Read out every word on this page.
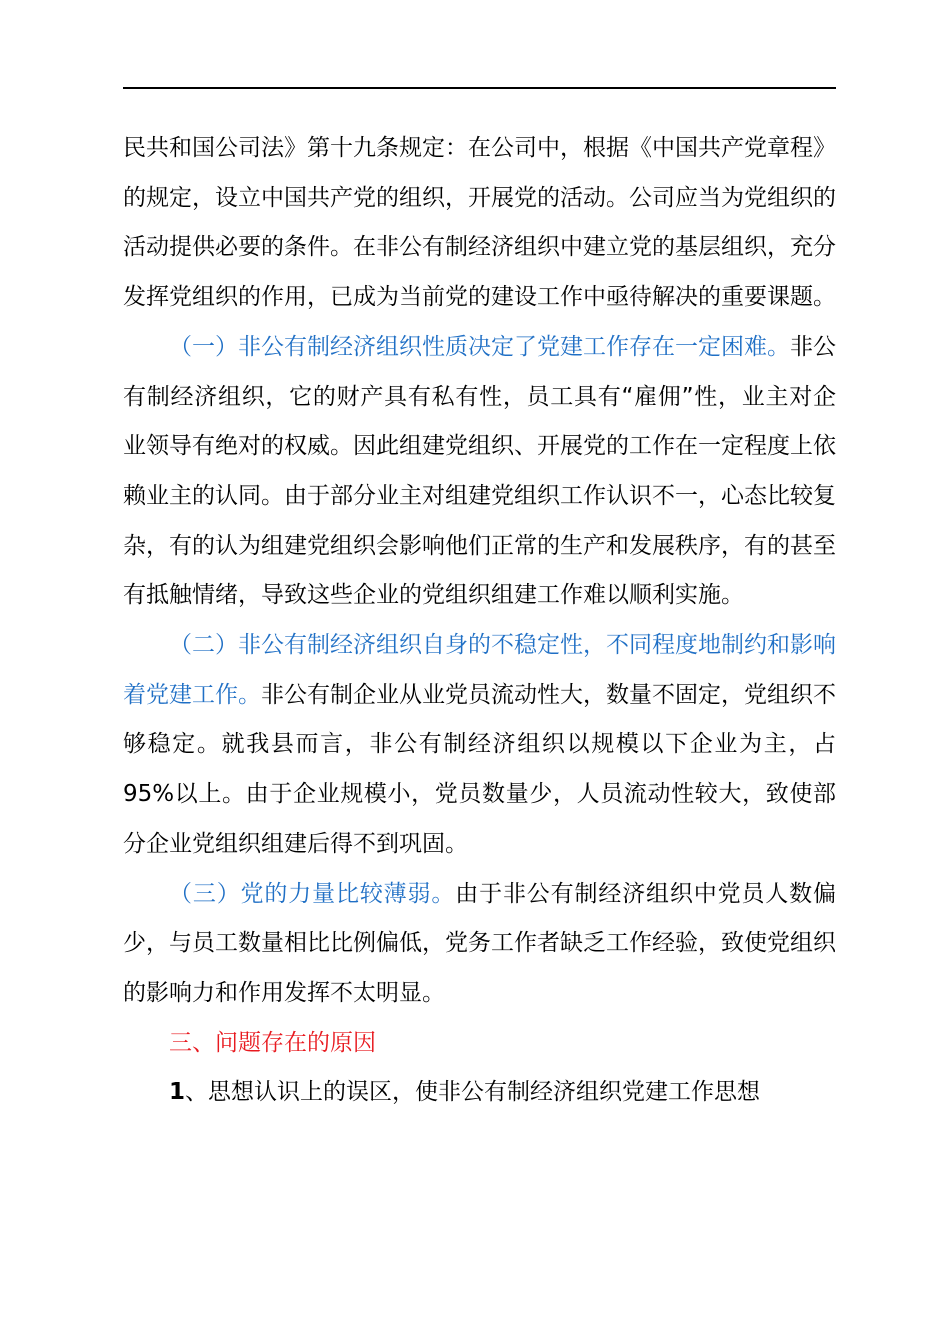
民共和国公司法》第十九条规定：在公司中，根据《中国共产党章程》的规定，设立中国共产党的组织，开展党的活动。公司应当为党组织的活动提供必要的条件。在非公有制经济组织中建立党的基层组织，充分发挥党组织的作用，已成为当前党的建设工作中亟待解决的重要课题。

（一）非公有制经济组织性质决定了党建工作存在一定困难。非公有制经济组织，它的财产具有私有性，员工具有“雇佣”性，业主对企业领导有绝对的权威。因此组建党组织、开展党的工作在一定程度上依赖业主的认同。由于部分业主对组建党组织工作认识不一，心态比较复杂，有的认为组建党组织会影响他们正常的生产和发展秩序，有的甚至有抵触情绪，导致这些企业的党组织组建工作难以顺利实施。

（二）非公有制经济组织自身的不稳定性，不同程度地制约和影响着党建工作。非公有制企业从业党员流动性大，数量不固定，党组织不够稳定。就我县而言，非公有制经济组织以规模以下企业为主，占95%以上。由于企业规模小，党员数量少，人员流动性较大，致使部分企业党组织组建后得不到巩固。

（三）党的力量比较薄弱。由于非公有制经济组织中党员人数偏少，与员工数量相比比例偏低，党务工作者缺乏工作经验，致使党组织的影响力和作用发挥不太明显。

三、问题存在的原因

1、思想认识上的误区，使非公有制经济组织党建工作思想
